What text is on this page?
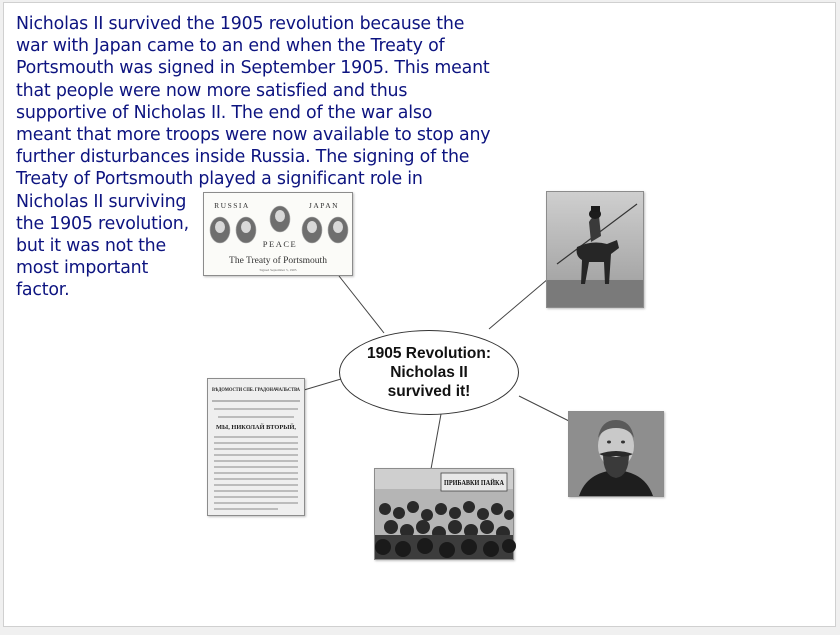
Nicholas II survived the 1905 revolution because the
war with Japan came to an end when the Treaty of
Portsmouth was signed in September 1905. This meant
that people were now more satisfied and thus
supportive of Nicholas II. The end of the war also
meant that more troops were now available to stop any
further disturbances inside Russia. The signing of the
Treaty of Portsmouth played a significant role in
Nicholas II surviving
the 1905 revolution,
but it was not the
most important
factor.
RUSSIA	JAPAN
PEACE
The Treaty of Portsmouth
Signed September 5, 1905
ВѢДОМОСТИ СПБ. ГРАДОНАЧАЛЬСТВА
МЫ, НИКОЛАЙ ВТОРЫЙ,
ПРИБАВКИ ПАЙКА
1905 Revolution:
Nicholas II
survived it!
